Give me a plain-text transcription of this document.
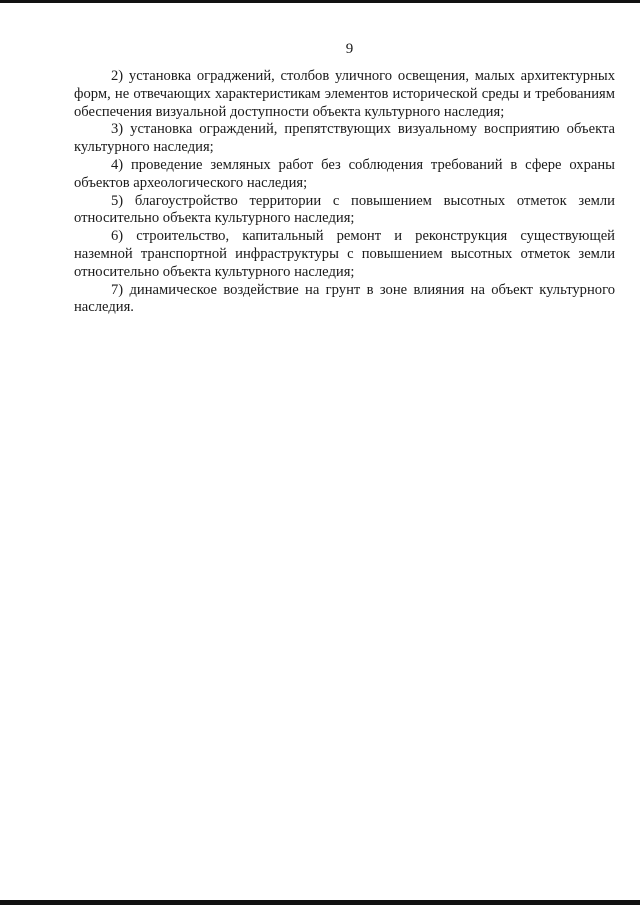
9

2) установка ограджений, столбов уличного освещения, малых архитектурных форм, не отвечающих характеристикам элементов исторической среды и требованиям обеспечения визуальной доступности объекта культурного наследия;

3) установка ограждений, препятствующих визуальному восприятию объекта культурного наследия;

4) проведение земляных работ без соблюдения требований в сфере охраны объектов археологического наследия;

5) благоустройство территории с повышением высотных отметок земли относительно объекта культурного наследия;

6) строительство, капитальный ремонт и реконструкция существующей наземной транспортной инфраструктуры с повышением высотных отметок земли относительно объекта культурного наследия;

7) динамическое воздействие на грунт в зоне влияния на объект культурного наследия.
